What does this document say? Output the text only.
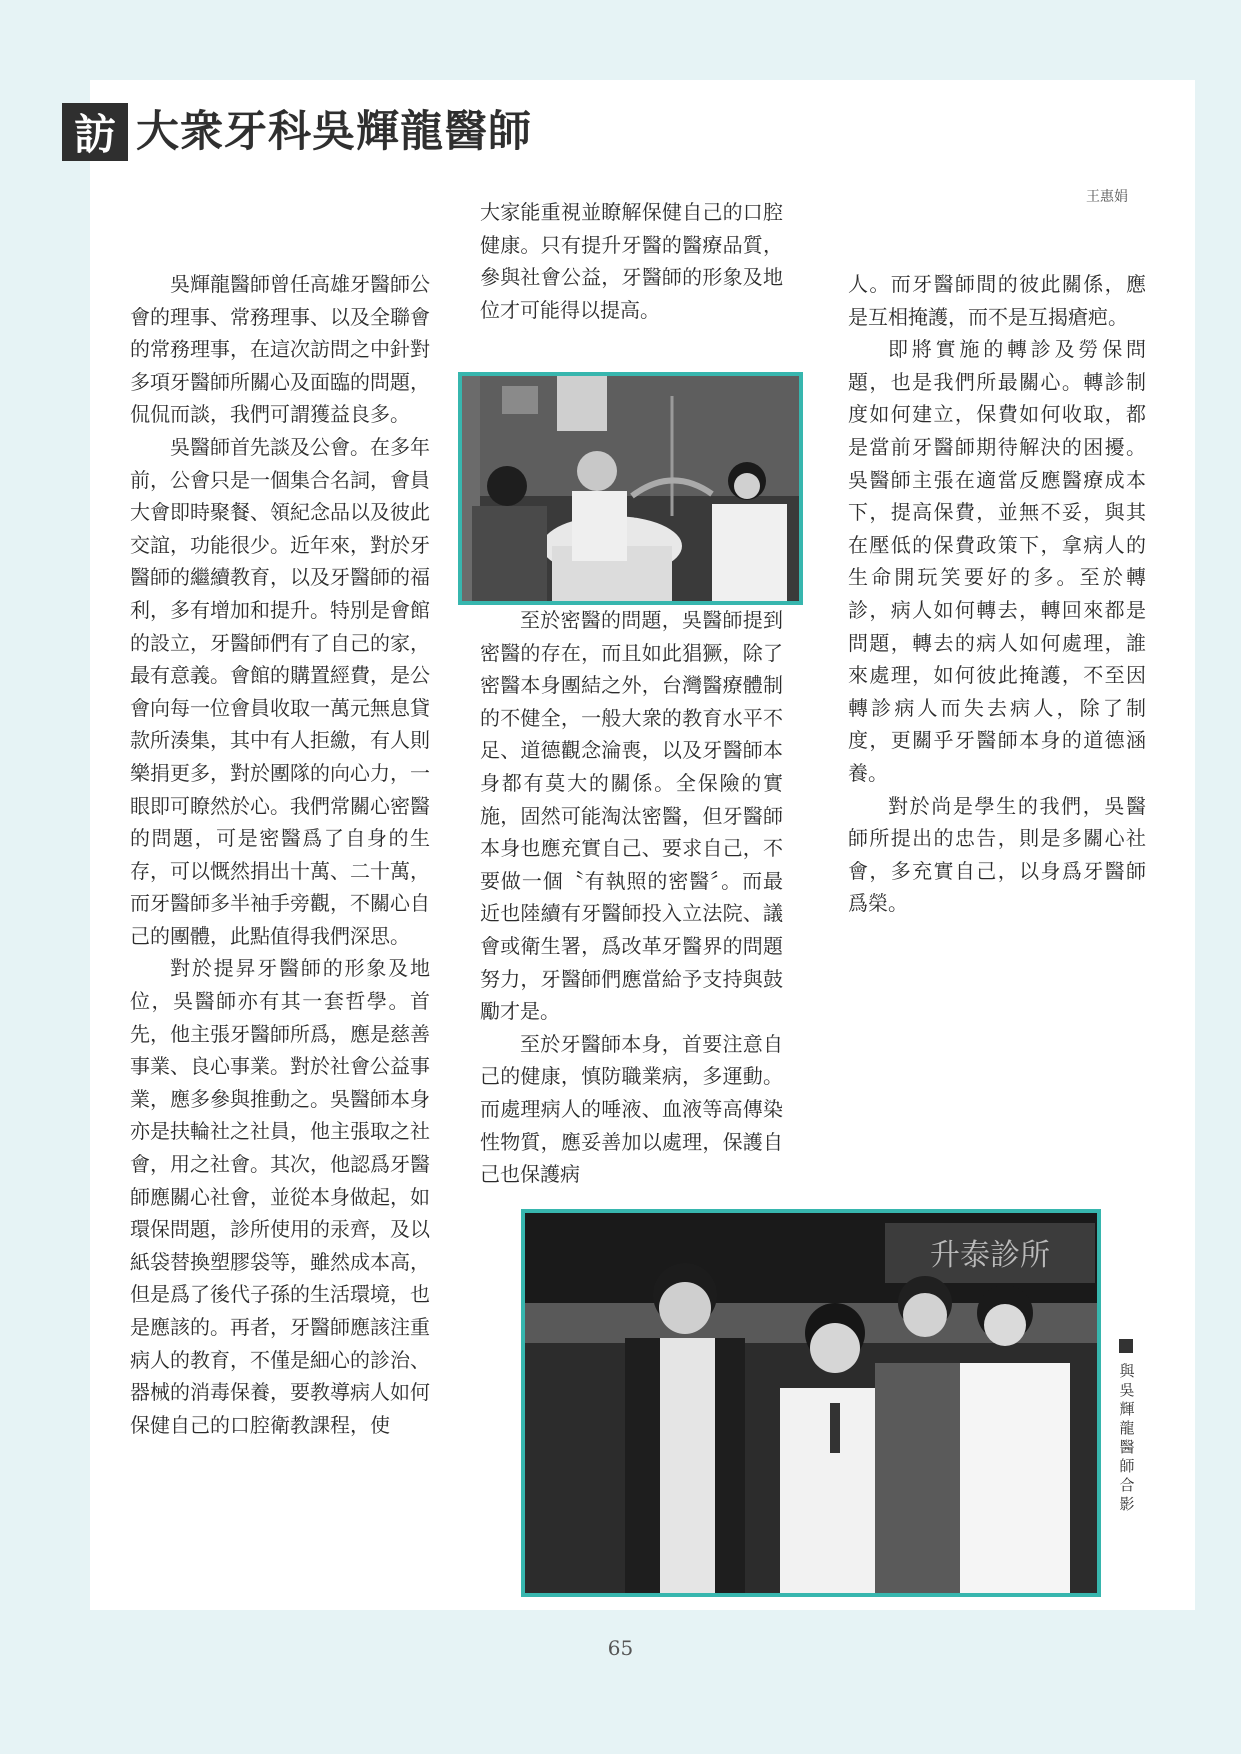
訪 大衆牙科吳輝龍醫師
王惠娟

吳輝龍醫師曾任高雄牙醫師公會的理事、常務理事、以及全聯會的常務理事，在這次訪問之中針對多項牙醫師所關心及面臨的問題，侃侃而談，我們可謂獲益良多。

吳醫師首先談及公會。在多年前，公會只是一個集合名詞，會員大會即時聚餐、領紀念品以及彼此交誼，功能很少。近年來，對於牙醫師的繼續教育，以及牙醫師的福利，多有增加和提升。特別是會館的設立，牙醫師們有了自己的家，最有意義。會館的購置經費，是公會向每一位會員收取一萬元無息貸款所湊集，其中有人拒繳，有人則樂捐更多，對於團隊的向心力，一眼即可瞭然於心。我們常關心密醫的問題，可是密醫爲了自身的生存，可以慨然捐出十萬、二十萬，而牙醫師多半袖手旁觀，不關心自己的團體，此點值得我們深思。

對於提昇牙醫師的形象及地位，吳醫師亦有其一套哲學。首先，他主張牙醫師所爲，應是慈善事業、良心事業。對於社會公益事業，應多參與推動之。吳醫師本身亦是扶輪社之社員，他主張取之社會，用之社會。其次，他認爲牙醫師應關心社會，並從本身做起，如環保問題，診所使用的汞齊，及以紙袋替換塑膠袋等，雖然成本高，但是爲了後代子孫的生活環境，也是應該的。再者，牙醫師應該注重病人的教育，不僅是細心的診治、器械的消毒保養，要教導病人如何保健自己的口腔衛教課程，使

大家能重視並瞭解保健自己的口腔健康。只有提升牙醫的醫療品質，參與社會公益，牙醫師的形象及地位才可能得以提高。

至於密醫的問題，吳醫師提到密醫的存在，而且如此猖獗，除了密醫本身團結之外，台灣醫療體制的不健全，一般大衆的教育水平不足、道德觀念淪喪，以及牙醫師本身都有莫大的關係。全保險的實施，固然可能淘汰密醫，但牙醫師本身也應充實自己、要求自己，不要做一個〝有執照的密醫〞。而最近也陸續有牙醫師投入立法院、議會或衛生署，爲改革牙醫界的問題努力，牙醫師們應當給予支持與鼓勵才是。

至於牙醫師本身，首要注意自己的健康，慎防職業病，多運動。而處理病人的唾液、血液等高傳染性物質，應妥善加以處理，保護自己也保護病

人。而牙醫師間的彼此關係，應是互相掩護，而不是互揭瘡疤。

即將實施的轉診及勞保問題，也是我們所最關心。轉診制度如何建立，保費如何收取，都是當前牙醫師期待解決的困擾。吳醫師主張在適當反應醫療成本下，提高保費，並無不妥，與其在壓低的保費政策下，拿病人的生命開玩笑要好的多。至於轉診，病人如何轉去，轉回來都是問題，轉去的病人如何處理，誰來處理，如何彼此掩護，不至因轉診病人而失去病人，除了制度，更關乎牙醫師本身的道德涵養。

對於尚是學生的我們，吳醫師所提出的忠告，則是多關心社會，多充實自己，以身爲牙醫師爲榮。

升泰診所
與吳輝龍醫師合影
65
